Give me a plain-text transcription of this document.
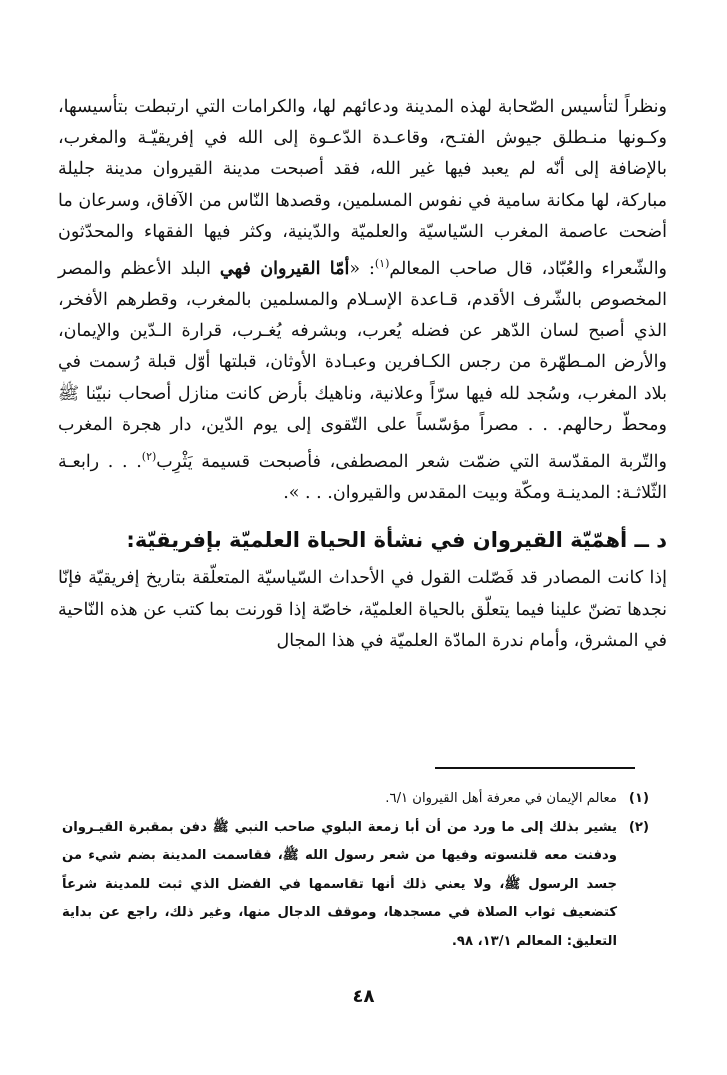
ونظراً لتأسيس الصّحابة لهذه المدينة ودعائهم لها، والكرامات التي ارتبطت بتأسيسها، وكـونها منـطلق جيوش الفتـح، وقاعـدة الدّعـوة إلى الله في إفريقيّـة والمغرب، بالإضافة إلى أنّه لم يعبد فيها غير الله، فقد أصبحت مدينة القيروان مدينة جليلة مباركة، لها مكانة سامية في نفوس المسلمين، وقصدها النّاس من الآفاق، وسرعان ما أضحت عاصمة المغرب السّياسيّة والعلميّة والدّينية، وكثر فيها الفقهاء والمحدّثون والشّعراء والعُبّاد، قال صاحب المعالم$^{(١)}$: «أمّا القيروان فهي البلد الأعظم والمصر المخصوص بالشّرف الأقدم، قـاعدة الإسـلام والمسلمين بالمغرب، وقطرهم الأفخر، الذي أصبح لسان الدّهر عن فضله يُعرب، وبشرفه يُغـرب، قرارة الـدّين والإيمان، والأرض المـطهّرة من رجس الكـافرين وعبـادة الأوثان، قبلتها أوّل قبلة رُسمت في بلاد المغرب، وسُجد لله فيها سرّاً وعلانية، وناهيك بأرض كانت منازل أصحاب نبيّنا ﷺ ومحطّ رحالهم. . . مصراً مؤسّساً على التّقوى إلى يوم الدّين، دار هجرة المغرب والتّربة المقدّسة التي ضمّت شعر المصطفى، فأصبحت قسيمة يَثْرِب$^{(٢)}$. . . رابعـة الثّلاثـة: المدينـة ومكّة وبيت المقدس والقيروان. . . ».

د ــ أهمّيّة القيروان في نشأة الحياة العلميّة بإفريقيّة:

إذا كانت المصادر قد فَصّلت القول في الأحداث السّياسيّة المتعلّقة بتاريخ إفريقيّة فإنّا نجدها تضنّ علينا فيما يتعلّق بالحياة العلميّة، خاصّة إذا قورنت بما كتب عن هذه النّاحية في المشرق، وأمام ندرة المادّة العلميّة في هذا المجال

(١)
معالم الإيمان في معرفة أهل القيروان ٦/١.

(٢)
يشير بذلك إلى ما ورد من أن أبا زمعة البلوي صاحب النبي ﷺ دفن بمقبرة القيـروان ودفنت معه قلنسوته وفيها من شعر رسول الله ﷺ، فقاسمت المدينة بضم شيء من جسد الرسول ﷺ، ولا يعني ذلك أنها تقاسمها في الفضل الذي ثبت للمدينة شرعاً كتضعيف ثواب الصلاة في مسجدها، وموقف الدجال منها، وغير ذلك، راجع عن بداية التعليق: المعالم ١٣/١، ٩٨.

٤٨
